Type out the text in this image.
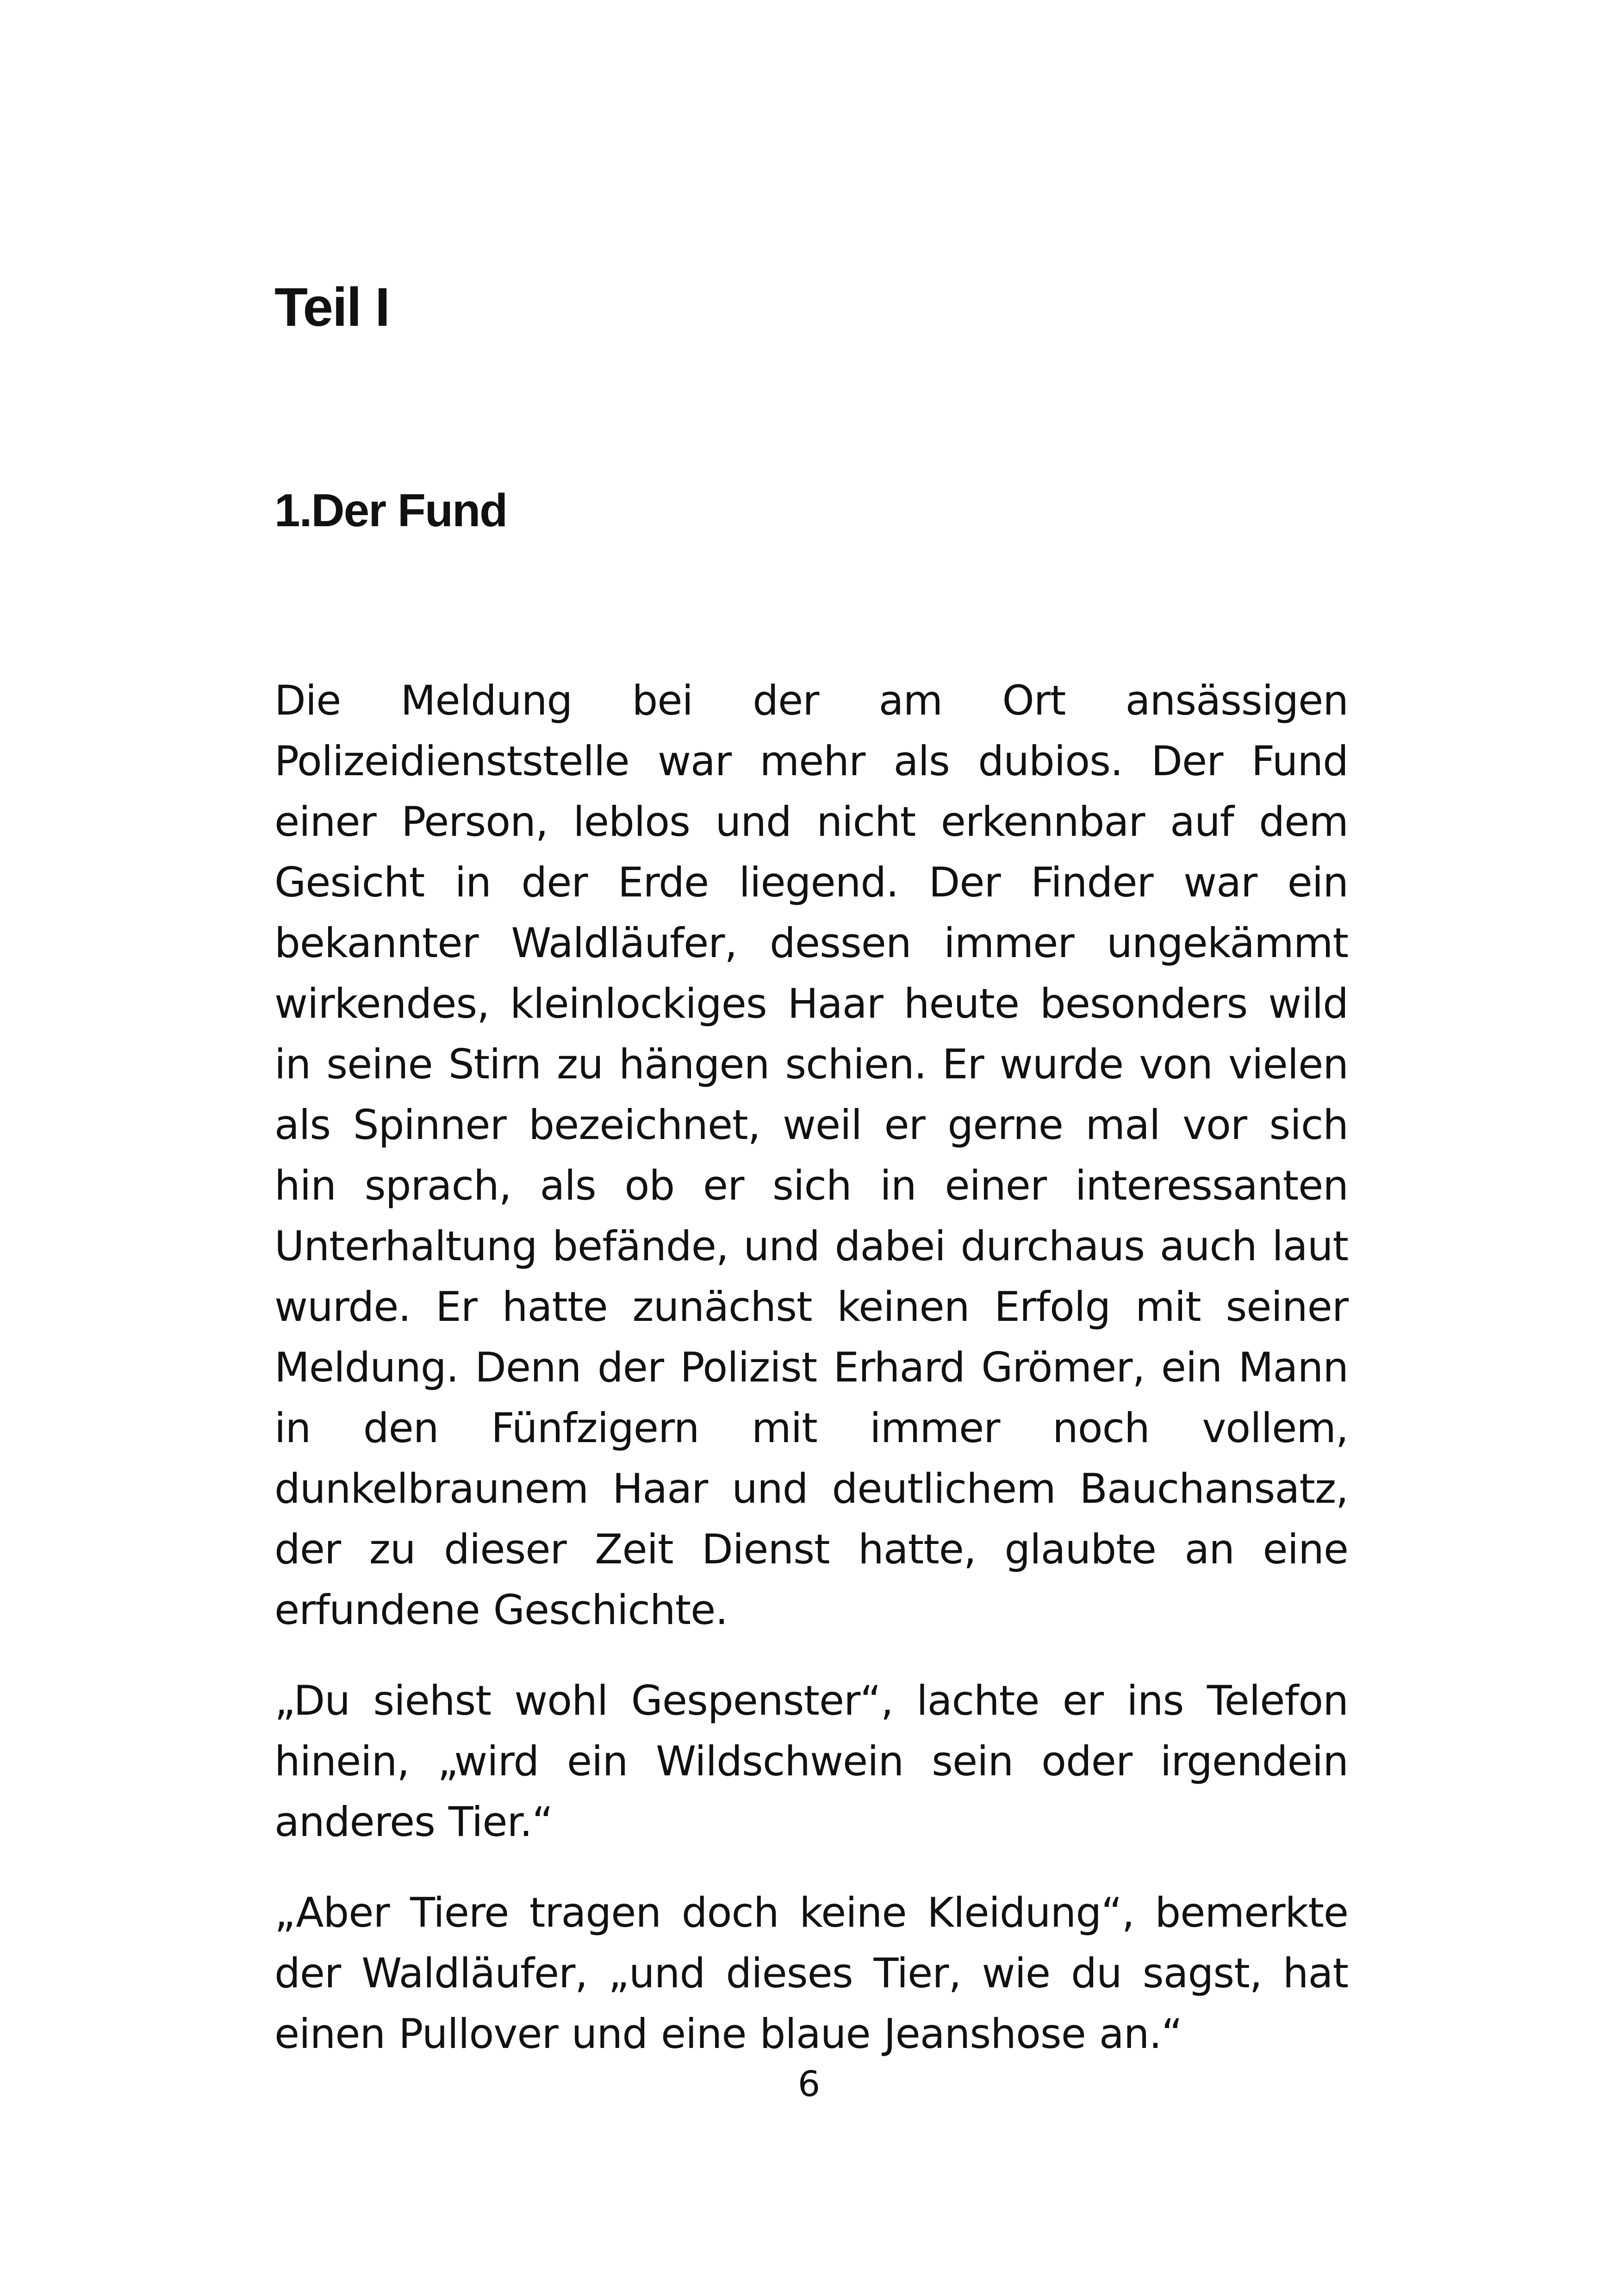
Teil I
1.Der Fund

Die Meldung bei der am Ort ansässigen Polizeidienststelle war mehr als dubios. Der Fund einer Person, leblos und nicht erkennbar auf dem Gesicht in der Erde liegend. Der Finder war ein bekannter Waldläufer, dessen immer ungekämmt wirkendes, kleinlockiges Haar heute besonders wild in seine Stirn zu hängen schien. Er wurde von vielen als Spinner bezeichnet, weil er gerne mal vor sich hin sprach, als ob er sich in einer interessanten Unterhaltung befände, und dabei durchaus auch laut wurde. Er hatte zunächst keinen Erfolg mit seiner Meldung. Denn der Polizist Erhard Grömer, ein Mann in den Fünfzigern mit immer noch vollem, dunkelbraunem Haar und deutlichem Bauchansatz, der zu dieser Zeit Dienst hatte, glaubte an eine erfundene Geschichte.

„Du siehst wohl Gespenster“, lachte er ins Telefon hinein, „wird ein Wildschwein sein oder irgendein anderes Tier.“

„Aber Tiere tragen doch keine Kleidung“, bemerkte der Waldläufer, „und dieses Tier, wie du sagst, hat einen Pullover und eine blaue Jeanshose an.“

6
